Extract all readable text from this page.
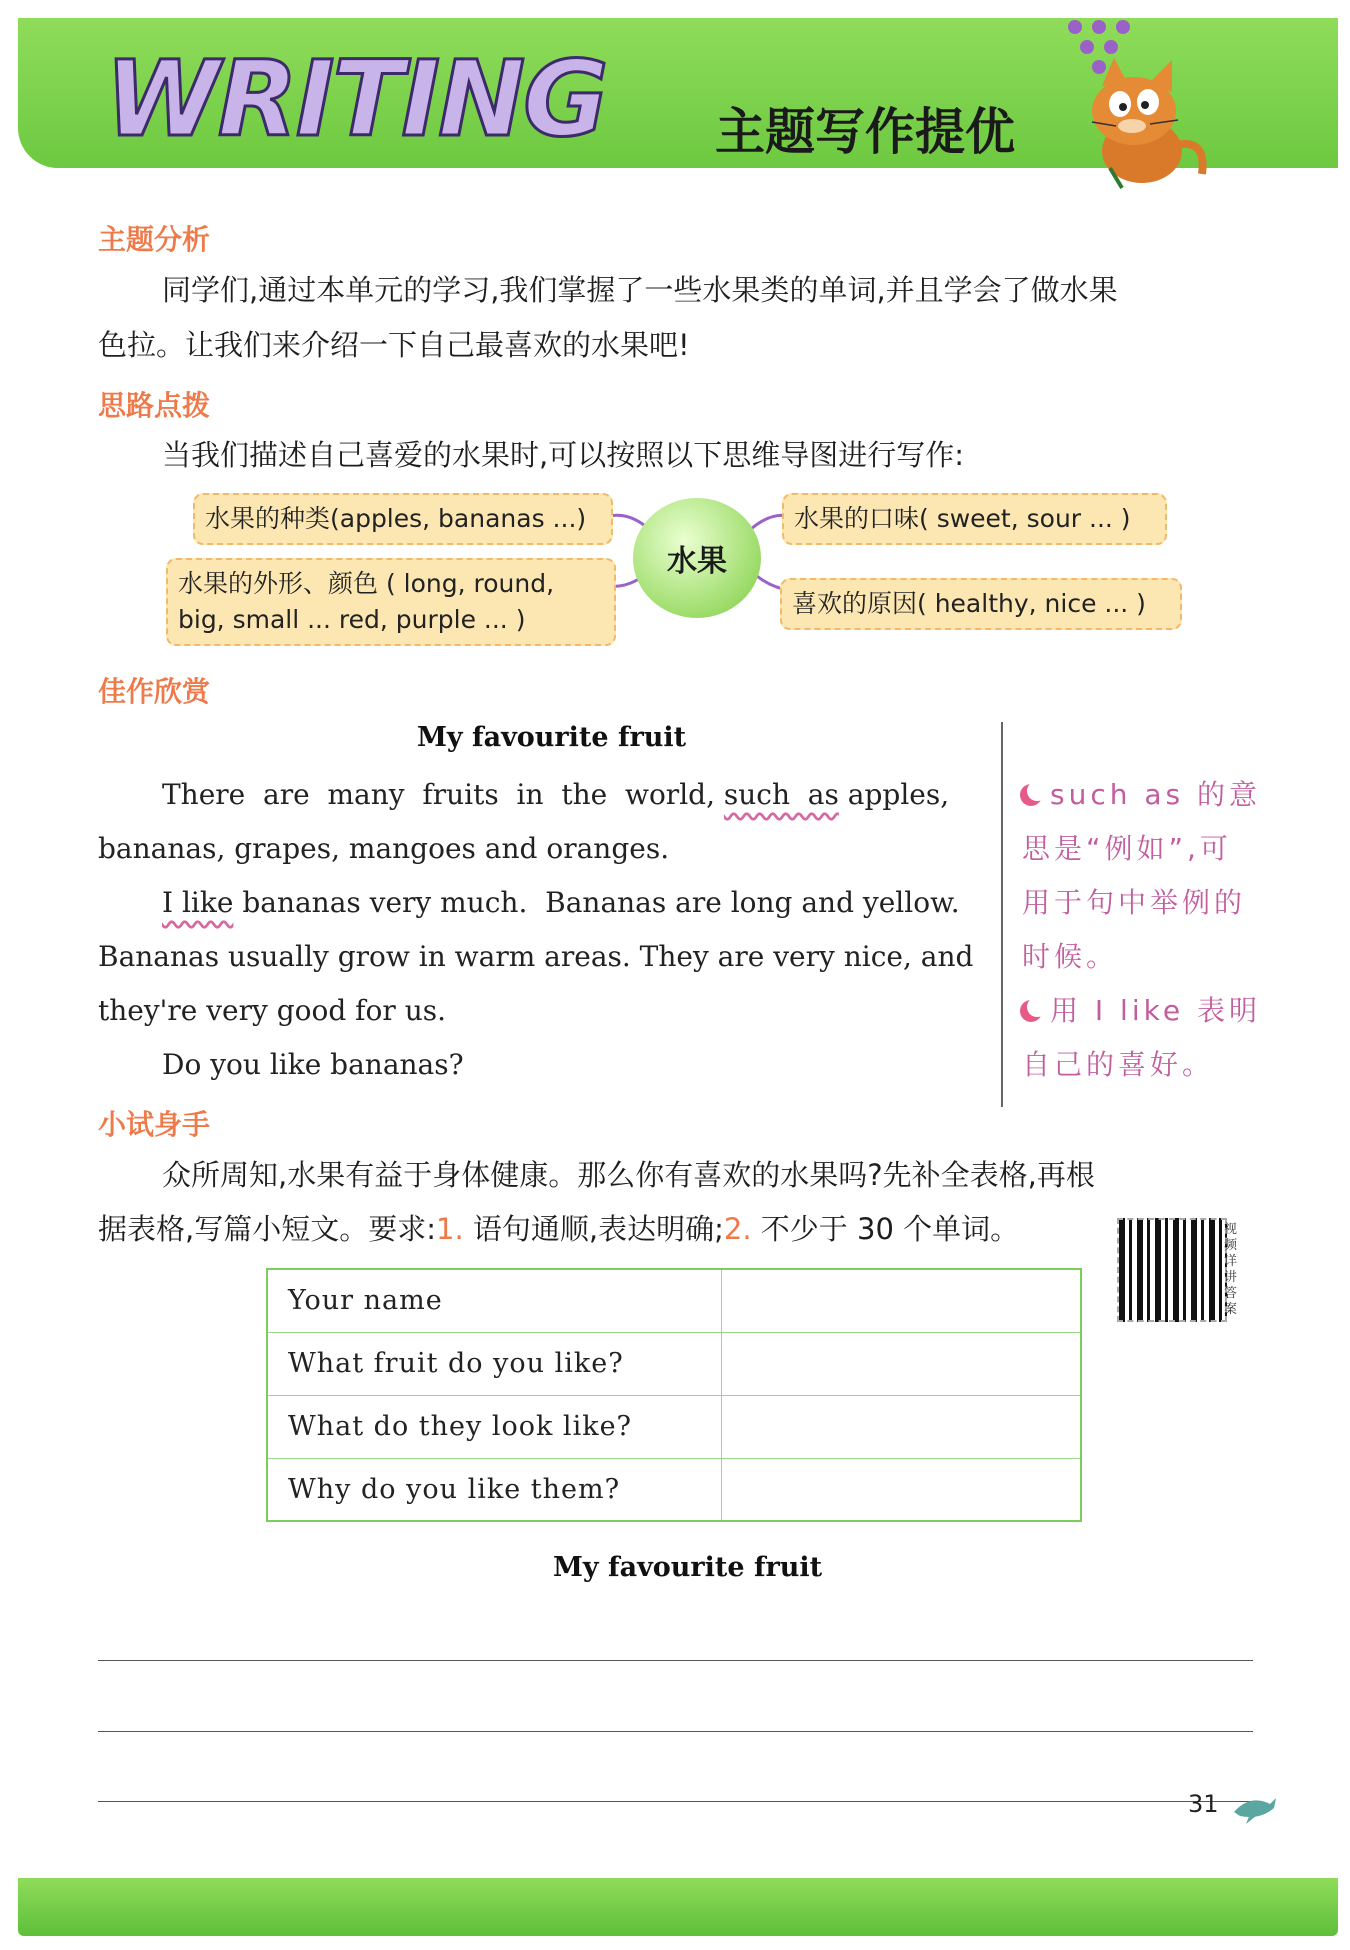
WRITING 主题写作提优
主题分析
同学们,通过本单元的学习,我们掌握了一些水果类的单词,并且学会了做水果
色拉。让我们来介绍一下自己最喜欢的水果吧!
思路点拨
当我们描述自己喜爱的水果时,可以按照以下思维导图进行写作:
水果
水果的种类(apples, bananas ...)
水果的外形、颜色 ( long, round,
big, small ... red, purple ... )
水果的口味( sweet, sour ... )
喜欢的原因( healthy, nice ... )
佳作欣赏
My favourite fruit
There  are  many  fruits  in  the  world, such  as apples,
bananas, grapes, mangoes and oranges.
I like bananas very much.  Bananas are long and yellow.
Bananas usually grow in warm areas. They are very nice, and
they're very good for us.
Do you like bananas?
such as 的意
思是“例如”,可
用于句中举例的
时候。
用 I like 表明
自己的喜好。
小试身手
众所周知,水果有益于身体健康。那么你有喜欢的水果吗?先补全表格,再根
据表格,写篇小短文。要求:1. 语句通顺,表达明确;2. 不少于 30 个单词。	视频详讲答案
Your name	
What fruit do you like?	
What do they look like?	
Why do you like them?	
My favourite fruit
31
